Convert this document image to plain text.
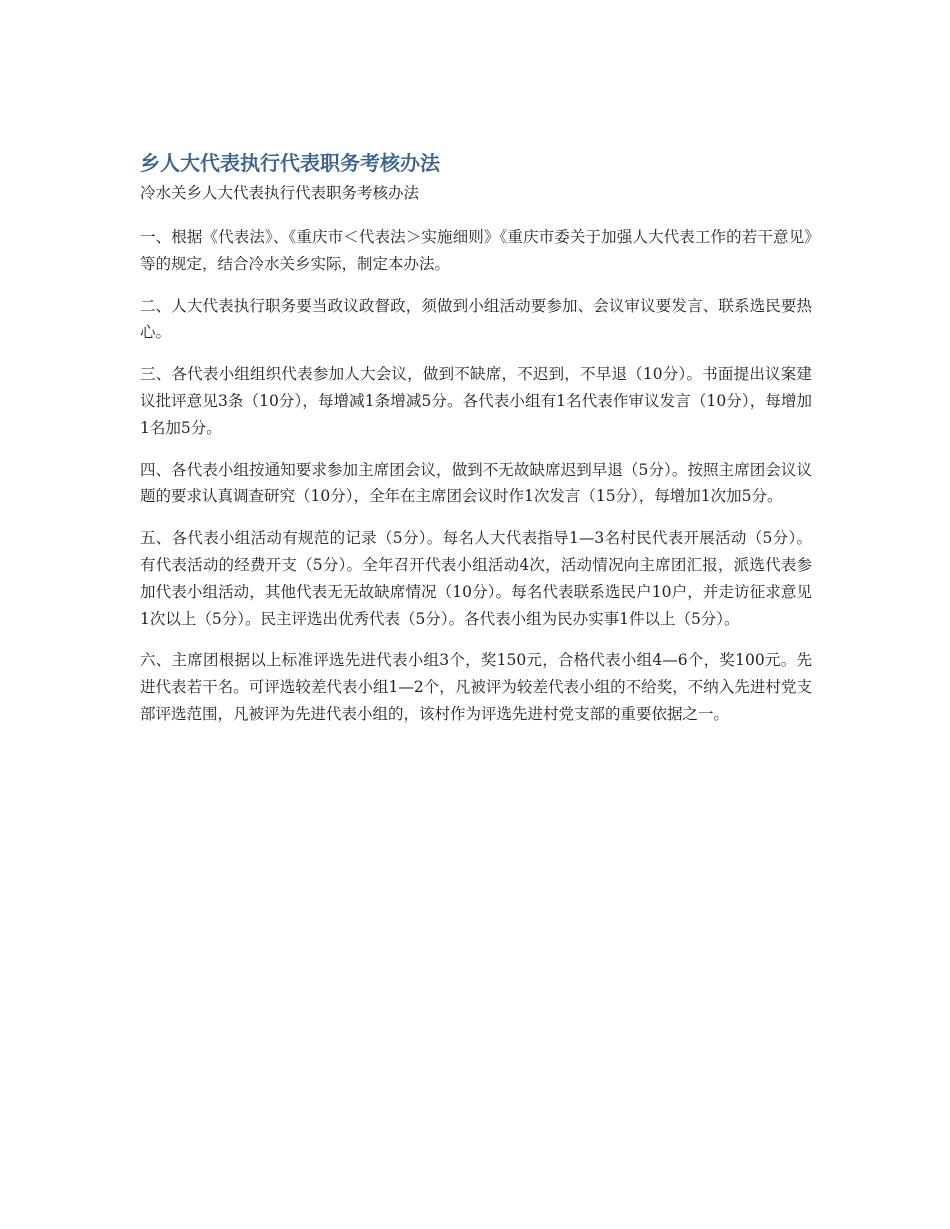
乡人大代表执行代表职务考核办法

冷水关乡人大代表执行代表职务考核办法

一、根据《代表法》、《重庆市＜代表法＞实施细则》《重庆市委关于加强人大代表工作的若干意见》等的规定，结合冷水关乡实际，制定本办法。

二、人大代表执行职务要当政议政督政，须做到小组活动要参加、会议审议要发言、联系选民要热心。

三、各代表小组组织代表参加人大会议，做到不缺席，不迟到，不早退（10分）。书面提出议案建议批评意见3条（10分），每增减1条增减5分。各代表小组有1名代表作审议发言（10分），每增加1名加5分。

四、各代表小组按通知要求参加主席团会议，做到不无故缺席迟到早退（5分）。按照主席团会议议题的要求认真调查研究（10分），全年在主席团会议时作1次发言（15分），每增加1次加5分。

五、各代表小组活动有规范的记录（5分）。每名人大代表指导1—3名村民代表开展活动（5分）。有代表活动的经费开支（5分）。全年召开代表小组活动4次，活动情况向主席团汇报，派选代表参加代表小组活动，其他代表无无故缺席情况（10分）。每名代表联系选民户10户，并走访征求意见1次以上（5分）。民主评选出优秀代表（5分）。各代表小组为民办实事1件以上（5分）。

六、主席团根据以上标准评选先进代表小组3个，奖150元，合格代表小组4—6个，奖100元。先进代表若干名。可评选较差代表小组1—2个，凡被评为较差代表小组的不给奖，不纳入先进村党支部评选范围，凡被评为先进代表小组的，该村作为评选先进村党支部的重要依据之一。
